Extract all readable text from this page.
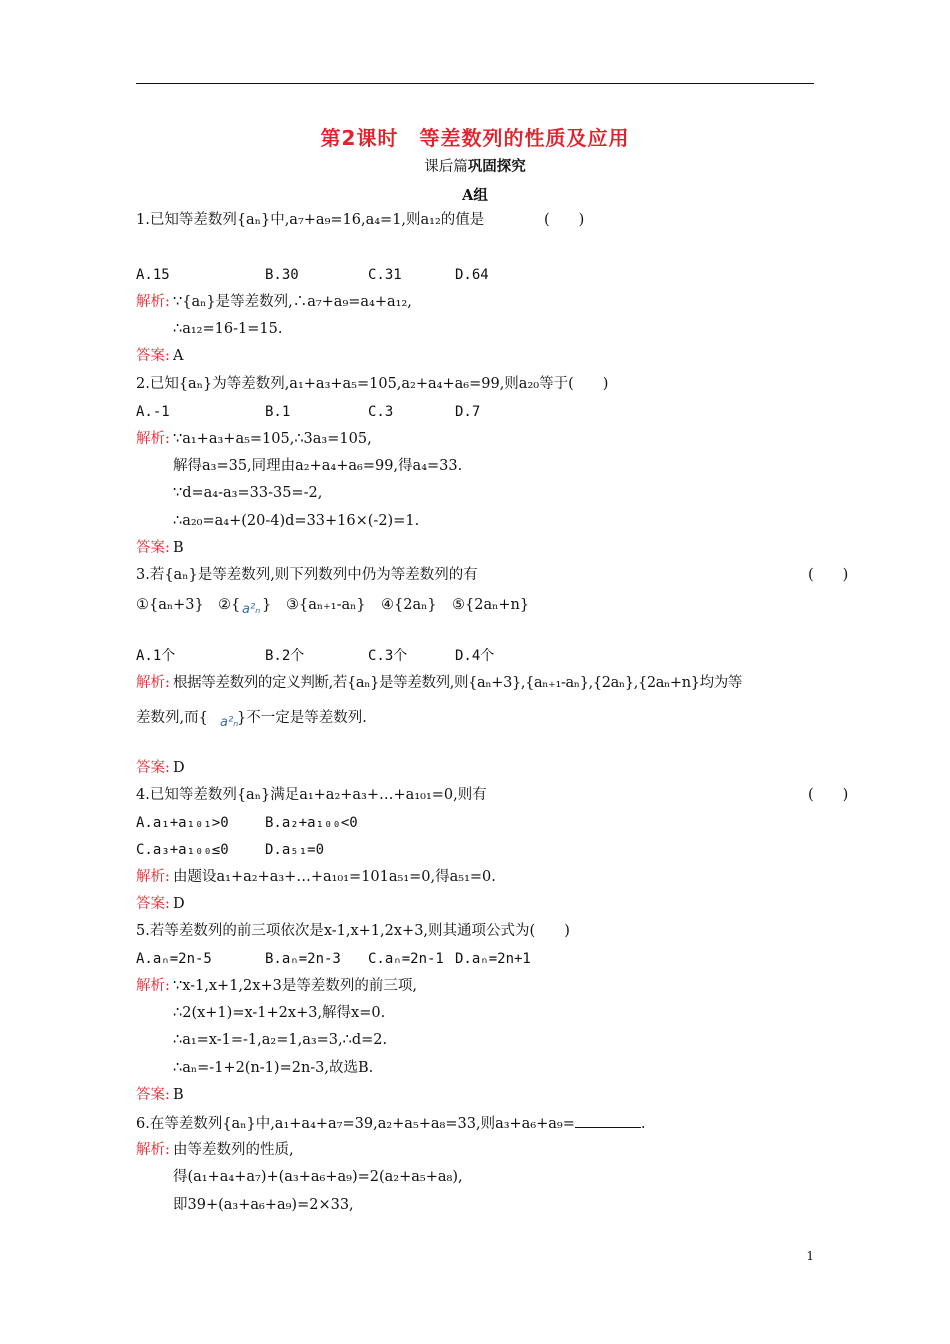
第2课时　等差数列的性质及应用
课后篇巩固探究
A组
1.已知等差数列{aₙ}中,a₇+a₉=16,a₄=1,则a₁₂的值是	(　　)
A.15	B.30	C.31	D.64
解析: ∵{aₙ}是等差数列,∴a₇+a₉=a₄+a₁₂,
∴a₁₂=16-1=15.
答案: A
2.已知{aₙ}为等差数列,a₁+a₃+a₅=105,a₂+a₄+a₆=99,则a₂₀等于(　　)
A.-1	B.1	C.3	D.7
解析: ∵a₁+a₃+a₅=105,∴3a₃=105,
解得a₃=35,同理由a₂+a₄+a₆=99,得a₄=33.
∵d=a₄-a₃=33-35=-2,
∴a₂₀=a₄+(20-4)d=33+16×(-2)=1.
答案: B
3.若{aₙ}是等差数列,则下列数列中仍为等差数列的有	(　　)
①{aₙ+3} ②{ a²ₙ } ③{aₙ₊₁-aₙ} ④{2aₙ} ⑤{2aₙ+n}
A.1个	B.2个	C.3个	D.4个
解析: 根据等差数列的定义判断,若{aₙ}是等差数列,则{aₙ+3},{aₙ₊₁-aₙ},{2aₙ},{2aₙ+n}均为等
差数列,而{ a²ₙ
}不一定是等差数列.
答案: D
4.已知等差数列{aₙ}满足a₁+a₂+a₃+…+a₁₀₁=0,则有	(　　)
A.a₁+a₁₀₁>0	B.a₂+a₁₀₀<0
C.a₃+a₁₀₀≤0	D.a₅₁=0
解析: 由题设a₁+a₂+a₃+…+a₁₀₁=101a₅₁=0,得a₅₁=0.
答案: D
5.若等差数列的前三项依次是x-1,x+1,2x+3,则其通项公式为(　　)
A.aₙ=2n-5	B.aₙ=2n-3 C.aₙ=2n-1 D.aₙ=2n+1
解析: ∵x-1,x+1,2x+3是等差数列的前三项,
∴2(x+1)=x-1+2x+3,解得x=0.
∴a₁=x-1=-1,a₂=1,a₃=3,∴d=2.
∴aₙ=-1+2(n-1)=2n-3,故选B.
答案: B
6.在等差数列{aₙ}中,a₁+a₄+a₇=39,a₂+a₅+a₈=33,则a₃+a₆+a₉=	.
解析: 由等差数列的性质,
得(a₁+a₄+a₇)+(a₃+a₆+a₉)=2(a₂+a₅+a₈),
即39+(a₃+a₆+a₉)=2×33,
1
